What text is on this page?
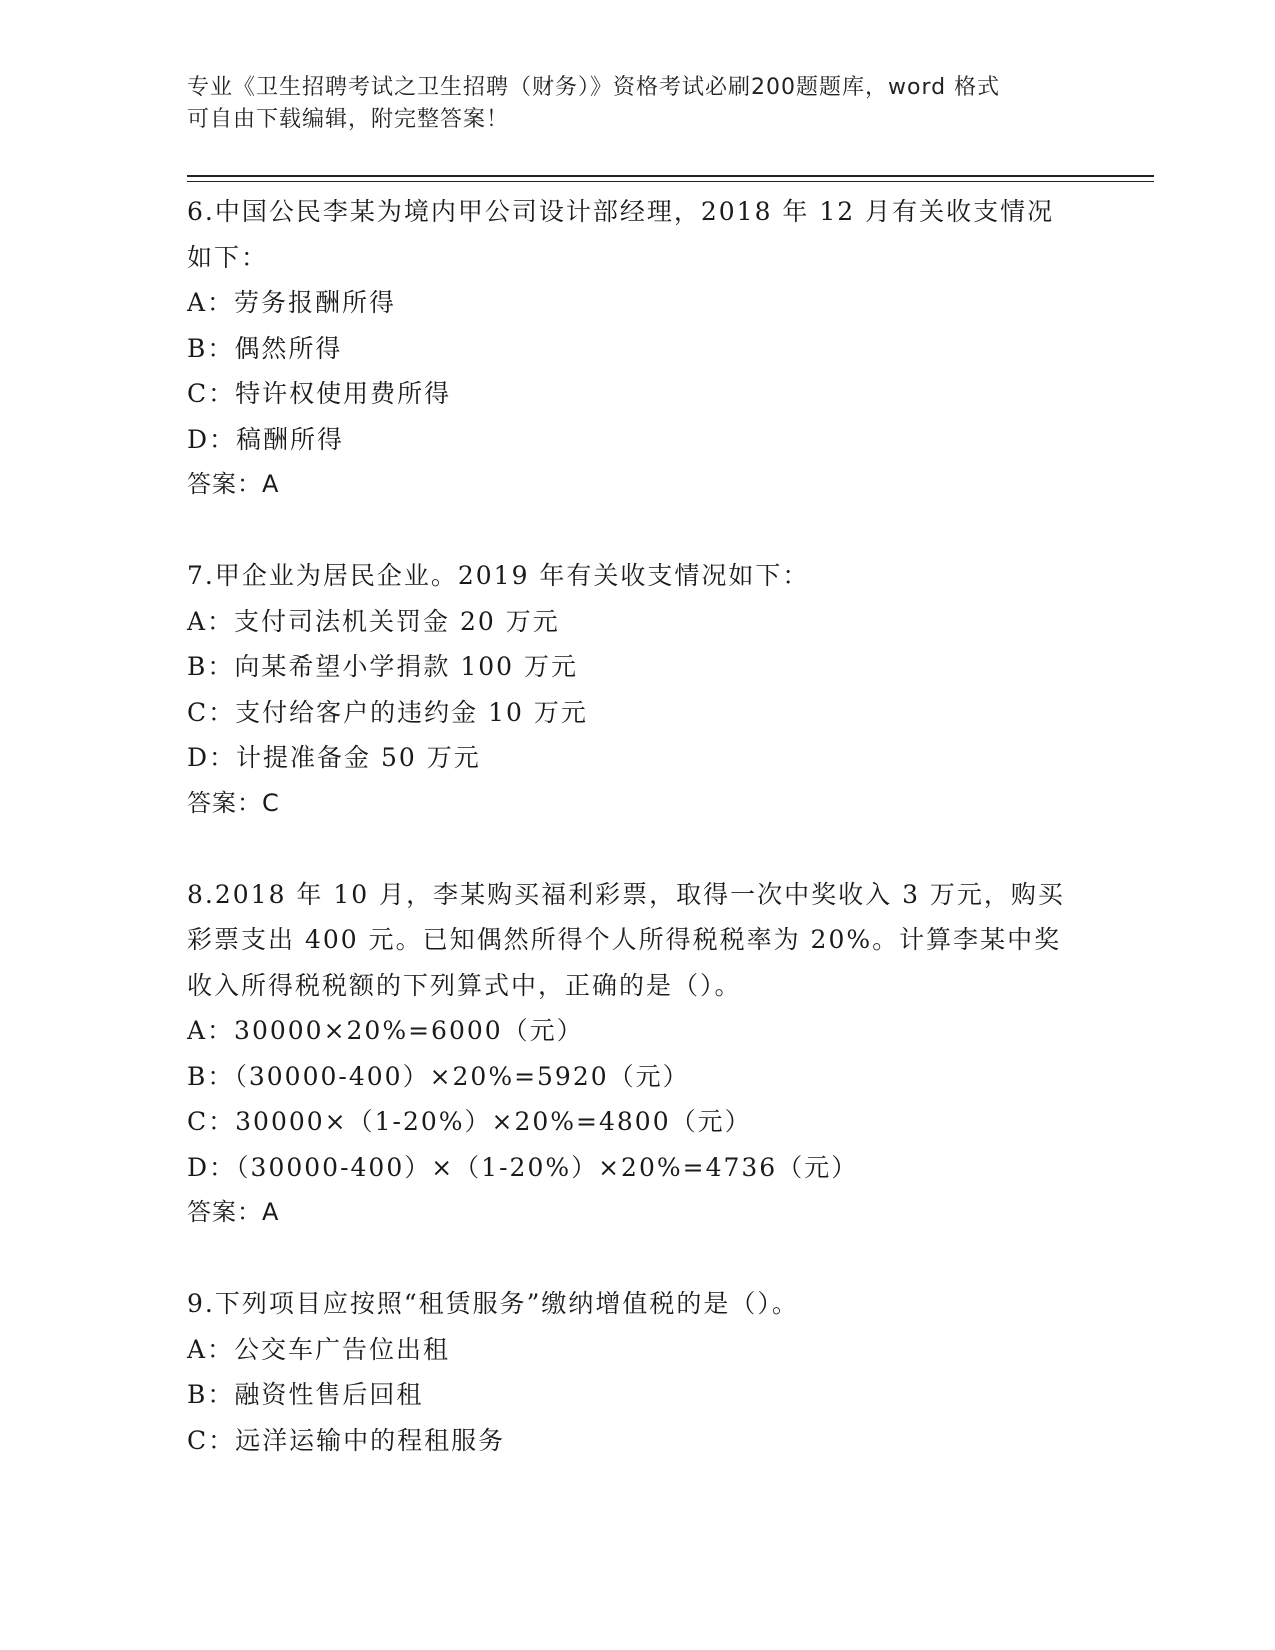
专业《卫生招聘考试之卫生招聘（财务）》资格考试必刷200题题库，word 格式
可自由下载编辑，附完整答案！
6.中国公民李某为境内甲公司设计部经理，2018 年 12 月有关收支情况
如下：
A：劳务报酬所得
B：偶然所得
C：特许权使用费所得
D：稿酬所得
答案：A
7.甲企业为居民企业。2019 年有关收支情况如下：
A：支付司法机关罚金 20 万元
B：向某希望小学捐款 100 万元
C：支付给客户的违约金 10 万元
D：计提准备金 50 万元
答案：C
8.2018 年 10 月，李某购买福利彩票，取得一次中奖收入 3 万元，购买
彩票支出 400 元。已知偶然所得个人所得税税率为 20%。计算李某中奖
收入所得税税额的下列算式中，正确的是（）。
A：30000×20%=6000（元）
B：（30000-400）×20%=5920（元）
C：30000×（1-20%）×20%=4800（元）
D：（30000-400）×（1-20%）×20%=4736（元）
答案：A
9.下列项目应按照“租赁服务”缴纳增值税的是（）。
A：公交车广告位出租
B：融资性售后回租
C：远洋运输中的程租服务
